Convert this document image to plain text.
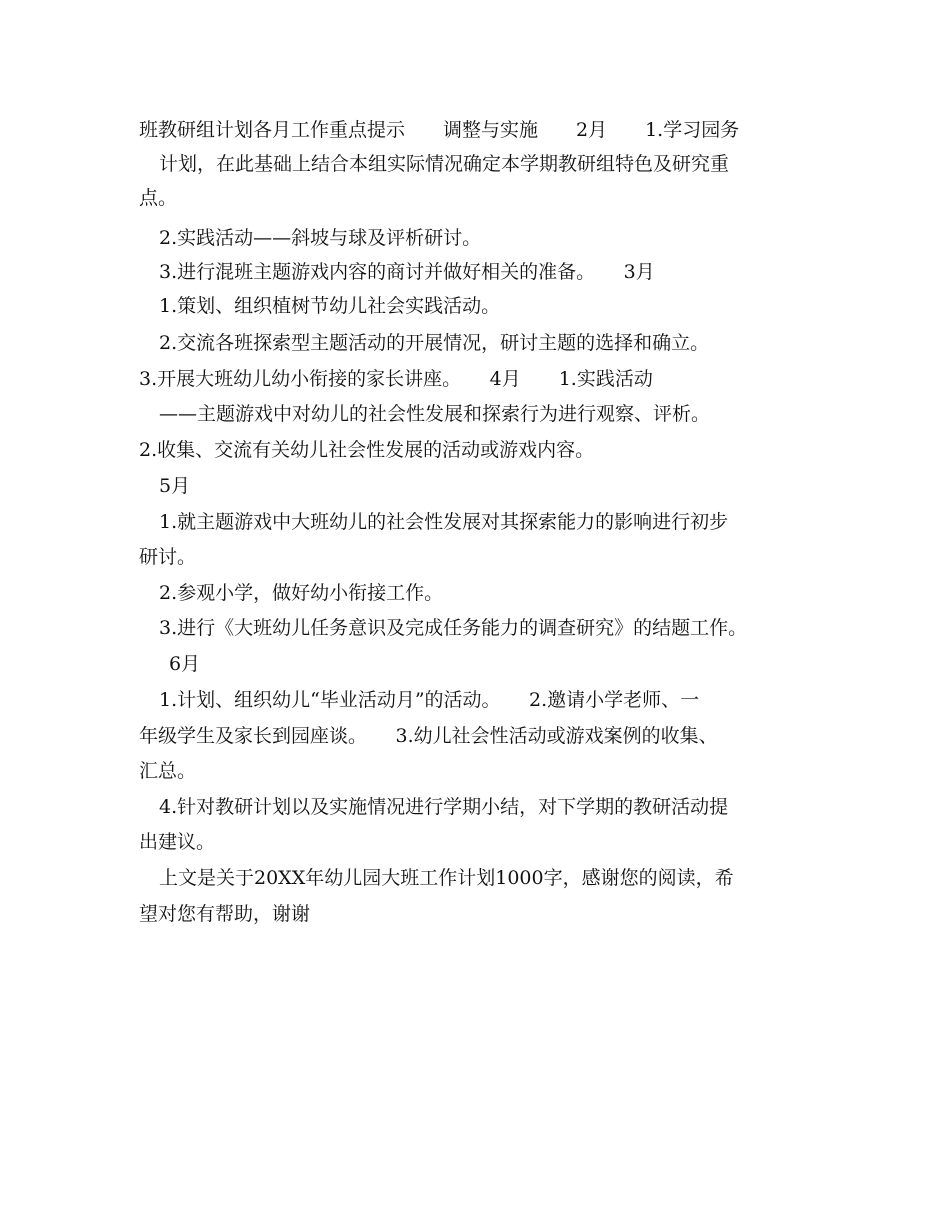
班教研组计划各月工作重点提示　　调整与实施　　2月　　1.学习园务

计划，在此基础上结合本组实际情况确定本学期教研组特色及研究重

点。

2.实践活动——斜坡与球及评析研讨。

3.进行混班主题游戏内容的商讨并做好相关的准备。　　3月

1.策划、组织植树节幼儿社会实践活动。

2.交流各班探索型主题活动的开展情况，研讨主题的选择和确立。

3.开展大班幼儿幼小衔接的家长讲座。　　4月　　1.实践活动

——主题游戏中对幼儿的社会性发展和探索行为进行观察、评析。

2.收集、交流有关幼儿社会性发展的活动或游戏内容。

5月

1.就主题游戏中大班幼儿的社会性发展对其探索能力的影响进行初步

研讨。

2.参观小学，做好幼小衔接工作。

3.进行《大班幼儿任务意识及完成任务能力的调查研究》的结题工作。

6月

1.计划、组织幼儿“毕业活动月”的活动。　　2.邀请小学老师、一

年级学生及家长到园座谈。　　3.幼儿社会性活动或游戏案例的收集、

汇总。

4.针对教研计划以及实施情况进行学期小结，对下学期的教研活动提

出建议。

上文是关于20XX年幼儿园大班工作计划1000字，感谢您的阅读，希

望对您有帮助，谢谢
